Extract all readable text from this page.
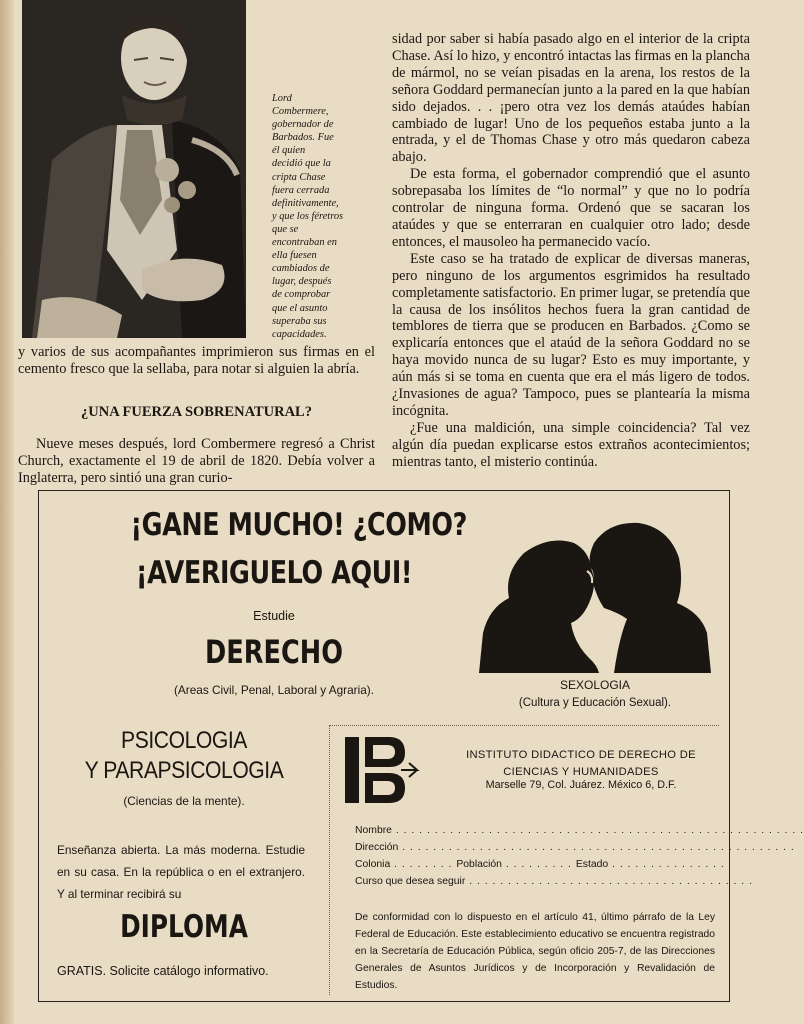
Lord
Combermere,
gobernador de
Barbados. Fue
él quien
decidió que la
cripta Chase
fuera cerrada
definitivamente,
y que los féretros
que se
encontraban en
ella fuesen
cambiados de
lugar, después
de comprobar
que el asunto
superaba sus
capacidades.

y varios de sus acompañantes imprimieron sus firmas en el cemento fresco que la sellaba, para notar si alguien la abría.

¿UNA FUERZA SOBRENATURAL?

Nueve meses después, lord Combermere regresó a Christ Church, exactamente el 19 de abril de 1820. Debía volver a Inglaterra, pero sintió una gran curio-

sidad por saber si había pasado algo en el interior de la cripta Chase. Así lo hizo, y encontró intactas las firmas en la plancha de mármol, no se veían pisadas en la arena, los restos de la señora Goddard permanecían junto a la pared en la que habían sido dejados. . . ¡pero otra vez los demás ataúdes habían cambiado de lugar! Uno de los pequeños estaba junto a la entrada, y el de Thomas Chase y otro más quedaron cabeza abajo.

De esta forma, el gobernador comprendió que el asunto sobrepasaba los límites de “lo normal” y que no lo podría controlar de ninguna forma. Ordenó que se sacaran los ataúdes y que se enterraran en cualquier otro lado; desde entonces, el mausoleo ha permanecido vacío.

Este caso se ha tratado de explicar de diversas maneras, pero ninguno de los argumentos esgrimidos ha resultado completamente satisfactorio. En primer lugar, se pretendía que la causa de los insólitos hechos fuera la gran cantidad de temblores de tierra que se producen en Barbados. ¿Como se explicaría entonces que el ataúd de la señora Goddard no se haya movido nunca de su lugar? Esto es muy importante, y aún más si se toma en cuenta que era el más ligero de todos. ¿Invasiones de agua? Tampoco, pues se plantearía la misma incógnita.

¿Fue una maldición, una simple coincidencia? Tal vez algún día puedan explicarse estos extraños acontecimientos; mientras tanto, el misterio continúa.

¡GANE MUCHO! ¿COMO?
¡AVERIGUELO AQUI!
Estudie
DERECHO
(Areas Civil, Penal, Laboral y Agraria).	SEXOLOGIA
(Cultura y Educación Sexual).
PSICOLOGIA
Y PARAPSICOLOGIA
(Ciencias de la mente).
Enseñanza abierta. La más moderna. Estudie en su casa. En la república o en el extranjero. Y al terminar recibirá su
DIPLOMA
GRATIS. Solicite catálogo informativo.
INSTITUTO DIDACTICO DE DERECHO DE
CIENCIAS Y HUMANIDADES
Marselle 79, Col. Juárez. México 6, D.F.
Nombre . . . . . . . . . . . . . . . . . . . . . . . . . . . . . . . . . . . . . . . . . . . . . . . . . . . . .
Dirección . . . . . . . . . . . . . . . . . . . . . . . . . . . . . . . . . . . . . . . . . . . . . . . . . . .
Colonia . . . . . . . . Población . . . . . . . . . Estado . . . . . . . . . . . . . . .
Curso que desea seguir . . . . . . . . . . . . . . . . . . . . . . . . . . . . . . . . . . . . .
De conformidad con lo dispuesto en el artículo 41, último párrafo de la Ley Federal de Educación. Este establecimiento educativo se encuentra registrado en la Secretaría de Educación Pública, según oficio 205-7, de las Direcciones Generales de Asuntos Jurídicos y de Incorporación y Revalidación de Estudios.
